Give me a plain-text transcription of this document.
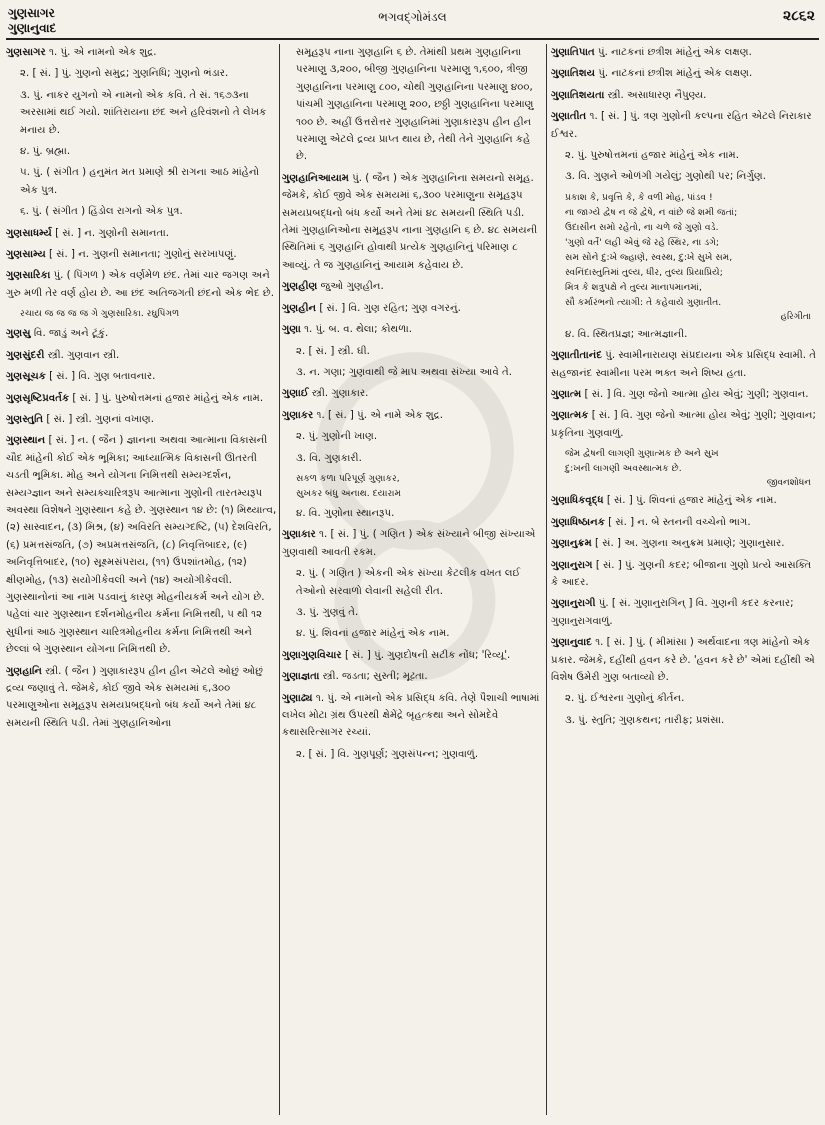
ગુણસાગર
ગુણાનુવાદ
ભગવદ્ગોમંડલ	૨૮૬૨
ગુણસાગર ૧. પું. એ નામનો એક શુદ્ર.
૨. [ સં. ] પું. ગુણનો સમુદ્ર; ગુણનિધિ; ગુણનો ભંડાર.
૩. પું. નાકર યુગનો એ નામનો એક કવિ. તે સં. ૧૬૭૩ના અરસામાં થઈ ગયો. શાંતિરાયના છંદ અને હરિવંશનો તે લેખક મનાય છે.
૪. પું. બ્રહ્મા.
૫. પું. ( સંગીત ) હનુમંત મત પ્રમાણે શ્રી રાગના આઠ માંહેનો એક પુત્ર.
૬. પું. ( સંગીત ) હિંડોલ રાગનો એક પુત્ર.
ગુણસાધર્મ્ય [ સં. ] ન. ગુણોની સમાનતા.
ગુણસામ્ય [ સં. ] ન. ગુણની સમાનતા; ગુણોનું સરખાપણું.
ગુણસારિકા પું. ( પિંગળ ) એક વર્ણમેળ છંદ. તેમાં ચાર જગણ અને ગુરુ મળી તેર વર્ણ હોય છે. આ છંદ અતિજગતી છંદનો એક ભેદ છે.
રચાય જ જ જ જ ગે ગુણસારિકા. રઘુપિંગળ
ગુણસુ વિ. જાડું અને ટૂંકું.
ગુણસુંદરી સ્ત્રી. ગુણવાન સ્ત્રી.
ગુણસૂચક [ સં. ] વિ. ગુણ બતાવનાર.
ગુણસૃષ્ટિપ્રવર્તક [ સં. ] પું. પુરુષોત્તમનાં હજાર માંહેનું એક નામ.
ગુણસ્તુતિ [ સં. ] સ્ત્રી. ગુણનાં વખાણ.
ગુણસ્થાન [ સં. ] ન. ( જૈન ) જ્ઞાનના અથવા આત્માના વિકાસની ચૌદ માંહેની કોઈ એક ભૂમિકા; આધ્યાત્મિક વિકાસની ઊતરતી ચડતી ભૂમિકા. મોહ અને યોગના નિમિત્તથી સમ્યગ્દર્શન, સમ્યગ્જ્ઞાન અને સમ્યક્ચારિત્રરૂપ આત્માના ગુણોની તારતમ્યરૂપ અવસ્થા વિશેષને ગુણસ્થાન કહે છે. ગુણસ્થાન ૧૪ છે: (૧) મિથ્યાત્વ, (૨) સાસ્વાદન, (૩) મિશ્ર, (૪) અવિરતિ સમ્યગ્દષ્ટિ, (૫) દેશવિરતિ, (૬) પ્રમત્તસંજતિ, (૭) અપ્રમત્તસંજતિ, (૮) નિવૃત્તિબાદર, (૯) અનિવૃત્તિબાદર, (૧૦) સૂક્ષ્મસંપરાય, (૧૧) ઉપશાંતમોહ, (૧૨) ક્ષીણમોહ, (૧૩) સયોગીકેવલી અને (૧૪) અયોગીકેવલી. ગુણસ્થાનોનાં આ નામ પડવાનું કારણ મોહનીયકર્મ અને યોગ છે. પહેલાં ચાર ગુણસ્થાન દર્શનમોહનીય કર્મના નિમિત્તથી, ૫ થી ૧૨ સુધીનાં આઠ ગુણસ્થાન ચારિત્રમોહનીય કર્મના નિમિત્તથી અને છેલ્લાં બે ગુણસ્થાન યોગના નિમિત્તથી છે.
ગુણહાનિ સ્ત્રી. ( જૈન ) ગુણાકારરૂપ હીન હીન એટલે ઓછું ઓછું દ્રવ્ય જણાવું તે. જેમકે, કોઈ જીવે એક સમયમાં ૬,૩૦૦ પરમાણુઓના સમૂહરૂપ સમયપ્રબદ્ધનો બંધ કર્યો અને તેમાં ૪૮ સમયની સ્થિતિ પડી. તેમાં ગુણહાનિઓના
સમૂહરૂપ નાના ગુણહાનિ ૬ છે. તેમાંથી પ્રથમ ગુણહાનિના પરમાણુ ૩,૨૦૦, બીજી ગુણહાનિના પરમાણુ ૧,૬૦૦, ત્રીજી ગુણહાનિના પરમાણુ ૮૦૦, ચોથી ગુણહાનિના પરમાણુ ૪૦૦, પાંચમી ગુણહાનિના પરમાણુ ૨૦૦, છઠ્ઠી ગુણહાનિના પરમાણુ ૧૦૦ છે. અહીં ઉત્તરોત્તર ગુણહાનિમાં ગુણાકારરૂપ હીન હીન પરમાણુ એટલે દ્રવ્ય પ્રાપ્ત થાય છે, તેથી તેને ગુણહાનિ કહે છે.
ગુણહાનિઆયામ પું. ( જૈન ) એક ગુણહાનિના સમયનો સમૂહ. જેમકે, કોઈ જીવે એક સમયમાં ૬,૩૦૦ પરમાણુના સમૂહરૂપ સમયપ્રબદ્ધનો બંધ કર્યો અને તેમાં ૪૮ સમયની સ્થિતિ પડી. તેમાં ગુણહાનિઓના સમૂહરૂપ નાના ગુણહાનિ ૬ છે. ૪૮ સમયની સ્થિતિમાં ૬ ગુણહાનિ હોવાથી પ્રત્યેક ગુણહાનિનું પરિમાણ ૮ આવ્યું. તે જ ગુણહાનિનું આયામ કહેવાય છે.
ગુણહીણ જુઓ ગુણહીન.
ગુણહીન [ સં. ] વિ. ગુણ રહિત; ગુણ વગરનું.
ગુણા ૧. પું. બ. વ. થેલા; કોથળા.
૨. [ સં. ] સ્ત્રી. ઘી.
૩. ન. ગણા; ગુણવાથી જે માપ અથવા સંખ્યા આવે તે.
ગુણાઈ સ્ત્રી. ગુણાકાર.
ગુણાકર ૧. [ સં. ] પું. એ નામે એક શુદ્ર.
૨. પું. ગુણોની ખાણ.
૩. વિ. ગુણકારી.
સકળ કળા પરિપૂર્ણ ગુણાકર,
સુખકર બંધુ અનાથ. દયારામ
૪. વિ. ગુણોના સ્થાનરૂપ.
ગુણાકાર ૧. [ સં. ] પું. ( ગણિત ) એક સંખ્યાને બીજી સંખ્યાએ ગુણવાથી આવતી રકમ.
૨. પું. ( ગણિત ) એકની એક સંખ્યા કેટલીક વખત લઈ તેઓનો સરવાળો લેવાની સહેલી રીત.
૩. પું. ગુણવું તે.
૪. પું. શિવનાં હજાર માંહેનું એક નામ.
ગુણાગુણવિચાર [ સં. ] પું. ગુણદોષની સટીક નોંધ; 'રિવ્યૂ'.
ગુણાજ્ઞતા સ્ત્રી. જડતા; સુસ્તી; મૂઢતા.
ગુણાઢ્ય ૧. પું. એ નામનો એક પ્રસિદ્ધ કવિ. તેણે પૈશાચી ભાષામાં લખેલ મોટા ગ્રંથ ઉપરથી ક્ષેમેંદ્રે બૃહત્કથા અને સોમદેવે કથાસરિત્સાગર રચ્યાં.
૨. [ સં. ] વિ. ગુણપૂર્ણ; ગુણસંપન્ન; ગુણવાળું.
ગુણાતિપાત પું. નાટકનાં છત્રીશ માંહેનું એક લક્ષણ.
ગુણાતિશય પું. નાટકનાં છત્રીશ માંહેનું એક લક્ષણ.
ગુણાતિશયતા સ્ત્રી. અસાધારણ નૈપુણ્ય.
ગુણાતીત ૧. [ સં. ] પું. ત્રણ ગુણોની કલ્પના રહિત એટલે નિરાકાર ઈશ્વર.
૨. પું. પુરુષોત્તમનાં હજાર માંહેનું એક નામ.
૩. વિ. ગુણને ઓળંગી ગયેલું; ગુણોથી પર; નિર્ગુણ.
પ્રકાશ કે, પ્રવૃત્તિ કે, કે વળી મોહ, પાંડવ !
ના જાગ્યે દ્વેષ ન જે દ્વેષે, ન વાંછે જે શમી જતાં;
ઉદાસીન સમો રહેતો, ના ચળે જે ગુણો વડે.
'ગુણો વર્તે' લહી એવું જે રહે સ્થિર, ના ડગે;
સમ સોને દુ:ખે જ્હાણે, સ્વસ્થ, દુ:ખે સુખે સમ,
સ્વનિંદાસ્તુતિમાં તુલ્ય, ધીર, તુલ્ય પ્રિયાપ્રિયે;
મિત્ર કે શત્રુપક્ષે ને તુલ્ય માનાપમાનમાં,
સૌ કર્મારંભનો ત્યાગી: તે કહેવાયે ગુણાતીત.
હરિગીતા
૪. વિ. સ્થિતપ્રજ્ઞ; આત્મજ્ઞાની.
ગુણાતીતાનંદ પું. સ્વામીનારાયણ સંપ્રદાયના એક પ્રસિદ્ધ સ્વામી. તે સહજાનંદ સ્વામીના પરમ ભક્ત અને શિષ્ય હતા.
ગુણાત્મ [ સં. ] વિ. ગુણ જેનો આત્મા હોય એવું; ગુણી; ગુણવાન.
ગુણાત્મક [ સં. ] વિ. ગુણ જેનો આત્મા હોય એવું; ગુણી; ગુણવાન; પ્રકૃતિના ગુણવાળું.
જેમ દ્વેષની લાગણી ગુણાત્મક છે અને સુખ
દુ:ખની લાગણી અવસ્થાત્મક છે.
જીવનશોધન
ગુણાધિકવૃદ્ધ [ સં. ] પું. શિવનાં હજાર માંહેનું એક નામ.
ગુણાધિષ્ઠાનક [ સં. ] ન. બે સ્તનની વચ્ચેનો ભાગ.
ગુણાનુક્રમ [ સં. ] અ. ગુણના અનુક્રમ પ્રમાણે; ગુણાનુસાર.
ગુણાનુરાગ [ સં. ] પું. ગુણની કદર; બીજાના ગુણો પ્રત્યે આસક્તિ કે આદર.
ગુણાનુરાગી પું. [ સં. ગુણાનુરાગિન્ ] વિ. ગુણની કદર કરનાર; ગુણાનુરાગવાળું.
ગુણાનુવાદ ૧. [ સં. ] પું. ( મીમાંસા ) અર્થવાદના ત્રણ માંહેનો એક પ્રકાર. જેમકે, દહીંથી હવન કરે છે. 'હવન કરે છે' એમાં દહીંથી એ વિશેષ ઉમેરી ગુણ બતાવ્યો છે.
૨. પું. ઈશ્વરના ગુણોનું કીર્તન.
૩. પું. સ્તુતિ; ગુણકથન; તારીફ; પ્રશંસા.
